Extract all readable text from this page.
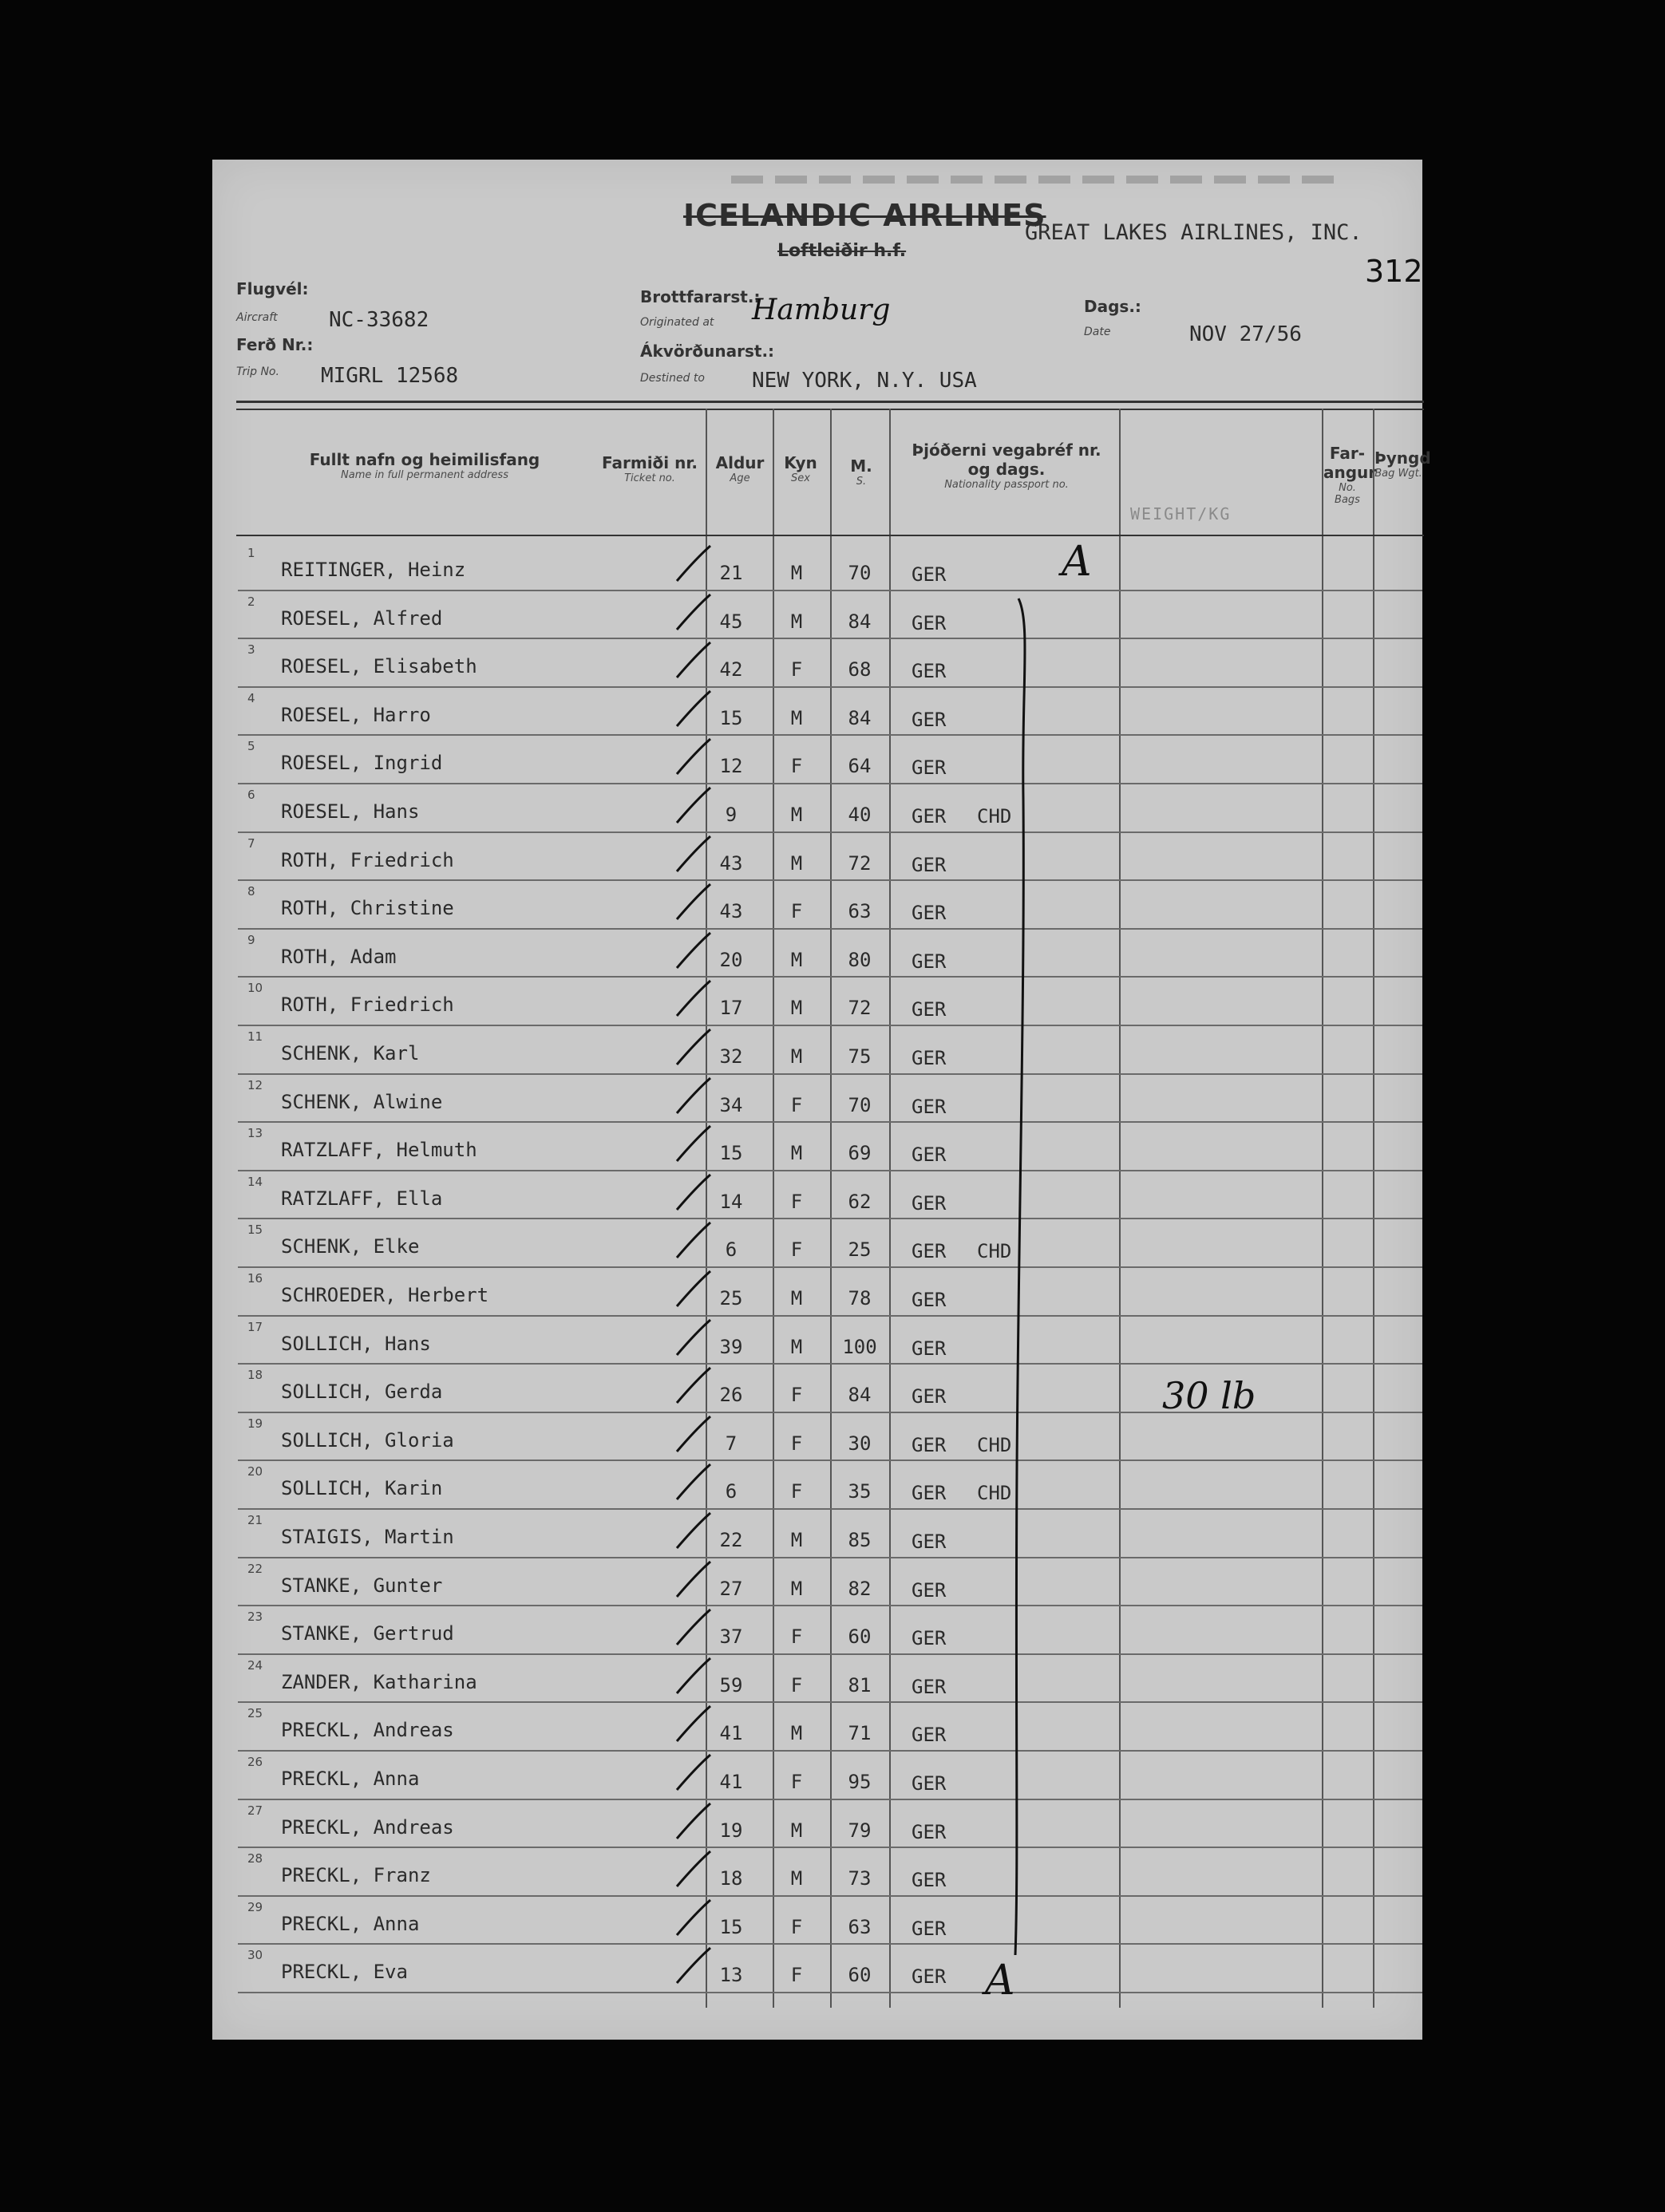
ICELANDIC AIRLINES
Loftleiðir h.f.
GREAT LAKES AIRLINES, INC.
312
Flugvél:
Aircraft NC-33682
Ferð Nr.:
Trip No. MIGRL 12568
Brottfararst.:
Originated at Hamburg
Ákvörðunarst.:
Destined to NEW YORK, N.Y. USA
Dags.:
Date	NOV 27/56
Fullt nafn og heimilisfang
Name in full permanent address
Farmiði nr.
Ticket no.
Aldur
Age
Kyn
Sex
M.
S.
Þjóðerni vegabréf nr. og dags.
Nationality passport no.
WEIGHT/KG
Far-angur
No.
Bags
Þyngd
Bag Wgt.
1
REITINGER, Heinz	21	M	70	GER
2
ROESEL, Alfred	45	M	84	GER
3
ROESEL, Elisabeth	42	F	68	GER
4
ROESEL, Harro	15	M	84	GER
5
ROESEL, Ingrid	12	F	64	GER
6
ROESEL, Hans	9	M	40	GER CHD
7
ROTH, Friedrich	43	M	72	GER
8
ROTH, Christine	43	F	63	GER
9
ROTH, Adam	20	M	80	GER
10
ROTH, Friedrich	17	M	72	GER
11
SCHENK, Karl	32	M	75	GER
12
SCHENK, Alwine	34	F	70	GER
13
RATZLAFF, Helmuth	15	M	69	GER
14
RATZLAFF, Ella	14	F	62	GER
15
SCHENK, Elke	6	F	25	GER CHD
16
SCHROEDER, Herbert	25	M	78	GER
17
SOLLICH, Hans	39	M	100	GER
18
SOLLICH, Gerda	26	F	84	GER
19
SOLLICH, Gloria	7	F	30	GER CHD
20
SOLLICH, Karin	6	F	35	GER CHD
21
STAIGIS, Martin	22	M	85	GER
22
STANKE, Gunter	27	M	82	GER
23
STANKE, Gertrud	37	F	60	GER
24
ZANDER, Katharina	59	F	81	GER
25
PRECKL, Andreas	41	M	71	GER
26
PRECKL, Anna	41	F	95	GER
27
PRECKL, Andreas	19	M	79	GER
28
PRECKL, Franz	18	M	73	GER
29
PRECKL, Anna	15	F	63	GER
30
PRECKL, Eva	13	F	60	GER
A
A
30 lb
